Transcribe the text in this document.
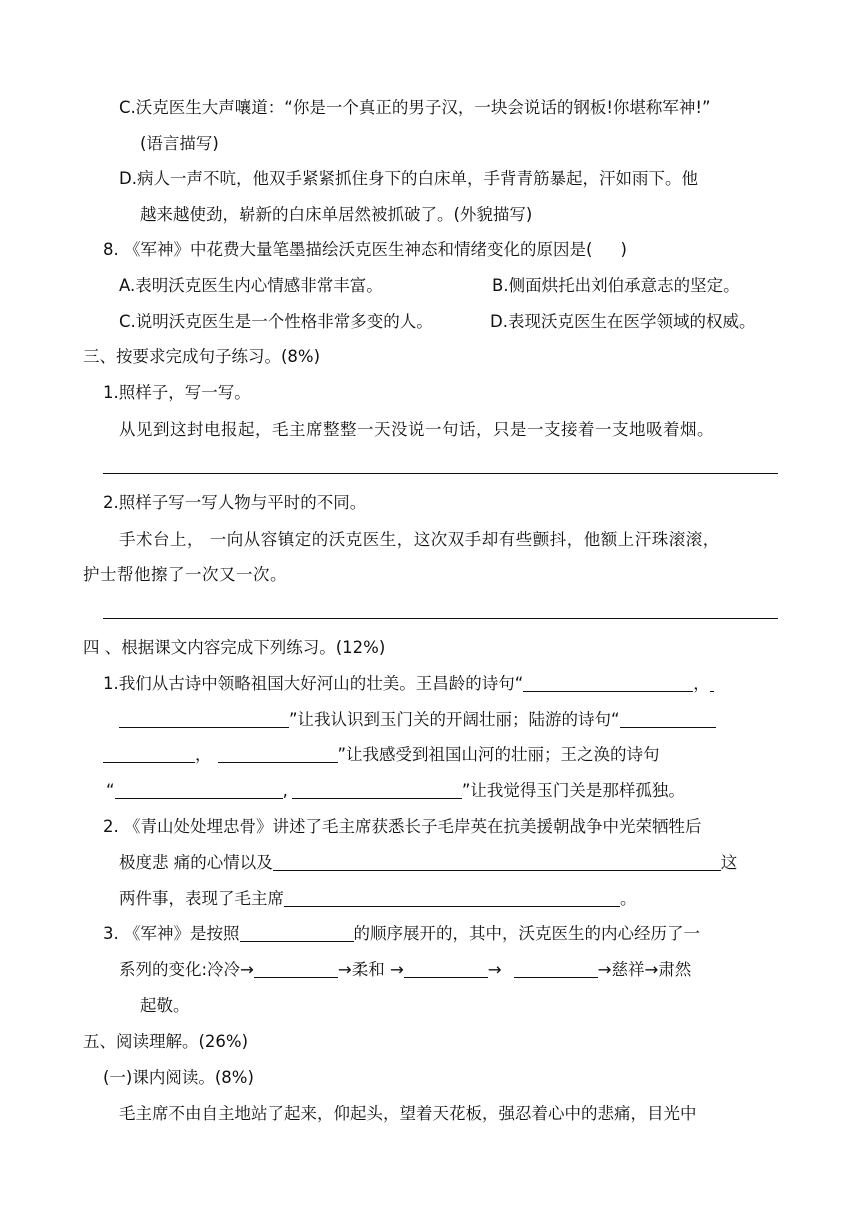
C.沃克医生大声嚷道：“你是一个真正的男子汉，一块会说话的钢板!你堪称军神!”
(语言描写)
D.病人一声不吭，他双手紧紧抓住身下的白床单，手背青筋暴起，汗如雨下。他
越来越使劲，崭新的白床单居然被抓破了。(外貌描写)
8. 《军神》中花费大量笔墨描绘沃克医生神态和情绪变化的原因是( )
A.表明沃克医生内心情感非常丰富。	B.侧面烘托出刘伯承意志的坚定。
C.说明沃克医生是一个性格非常多变的人。	D.表现沃克医生在医学领域的权威。
三、按要求完成句子练习。(8%)
1.照样子，写一写。
从见到这封电报起，毛主席整整一天没说一句话，只是一支接着一支地吸着烟。
2.照样子写一写人物与平时的不同。
手术台上， 一向从容镇定的沃克医生，这次双手却有些颤抖，他额上汗珠滚滚，
护士帮他擦了一次又一次。
四 、根据课文内容完成下列练习。(12%)
1.我们从古诗中领略祖国大好河山的壮美。王昌龄的诗句“	，
”让我认识到玉门关的开阔壮丽；陆游的诗句“
，	”让我感受到祖国山河的壮丽；王之涣的诗句
“	,	”让我觉得玉门关是那样孤独。
2. 《青山处处埋忠骨》讲述了毛主席获悉长子毛岸英在抗美援朝战争中光荣牺牲后
极度悲 痛的心情以及	这
两件事，表现了毛主席	。
3. 《军神》是按照	的顺序展开的，其中，沃克医生的内心经历了一
系列的变化:冷冷→	→柔和 →	→	→慈祥→肃然
起敬。
五、阅读理解。(26%)
(一)课内阅读。(8%)
毛主席不由自主地站了起来，仰起头，望着天花板，强忍着心中的悲痛，目光中
